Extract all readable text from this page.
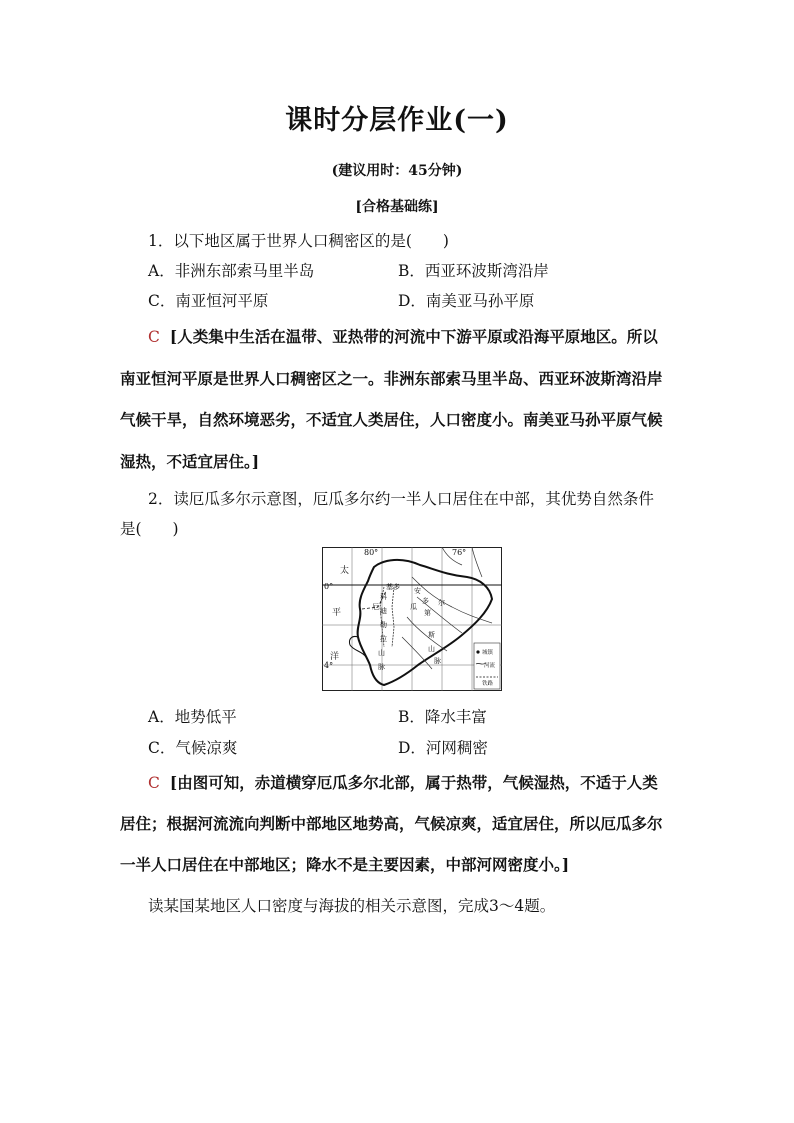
课时分层作业(一)
(建议用时：45分钟)
[合格基础练]
1．以下地区属于世界人口稠密区的是(　　)
A．非洲东部索马里半岛	B．西亚环波斯湾沿岸
C．南亚恒河平原	D．南美亚马孙平原
C [人类集中生活在温带、亚热带的河流中下游平原或沿海平原地区。所以
南亚恒河平原是世界人口稠密区之一。非洲东部索马里半岛、西亚环波斯湾沿岸
气候干旱，自然环境恶劣，不适宜人类居住，人口密度小。南美亚马孙平原气候
湿热，不适宜居住。]
2．读厄瓜多尔示意图，厄瓜多尔约一半人口居住在中部，其优势自然条件
是(　　)
80°	76°
0°
4°
太
平
洋
基多
科
厄 迪
勒
拉
山
脉
安
多
瓜
第
尔
斯
山
脉
城镇
河流
铁路
A．地势低平	B．降水丰富
C．气候凉爽	D．河网稠密
C [由图可知，赤道横穿厄瓜多尔北部，属于热带，气候湿热，不适于人类
居住；根据河流流向判断中部地区地势高，气候凉爽，适宜居住，所以厄瓜多尔
一半人口居住在中部地区；降水不是主要因素，中部河网密度小。]
读某国某地区人口密度与海拔的相关示意图，完成3～4题。
